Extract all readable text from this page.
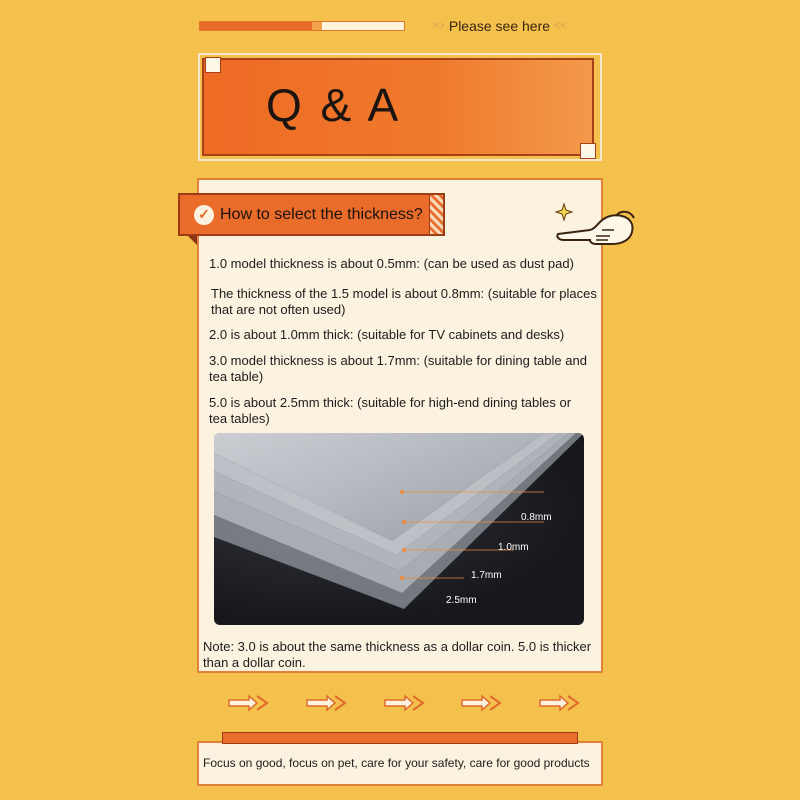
>> Please see here <<
Q & A
✓ How to select the thickness?
1.0 model thickness is about 0.5mm: (can be used as dust pad)
The thickness of the 1.5 model is about 0.8mm: (suitable for places
that are not often used)
2.0 is about 1.0mm thick: (suitable for TV cabinets and desks)
3.0 model thickness is about 1.7mm: (suitable for dining table and
tea table)
5.0 is about 2.5mm thick: (suitable for high-end dining tables or
tea tables)
0.8mm
1.0mm
1.7mm
2.5mm
Note: 3.0 is about the same thickness as a dollar coin. 5.0 is thicker than a dollar coin.
Focus on good, focus on pet, care for your safety, care for good products
